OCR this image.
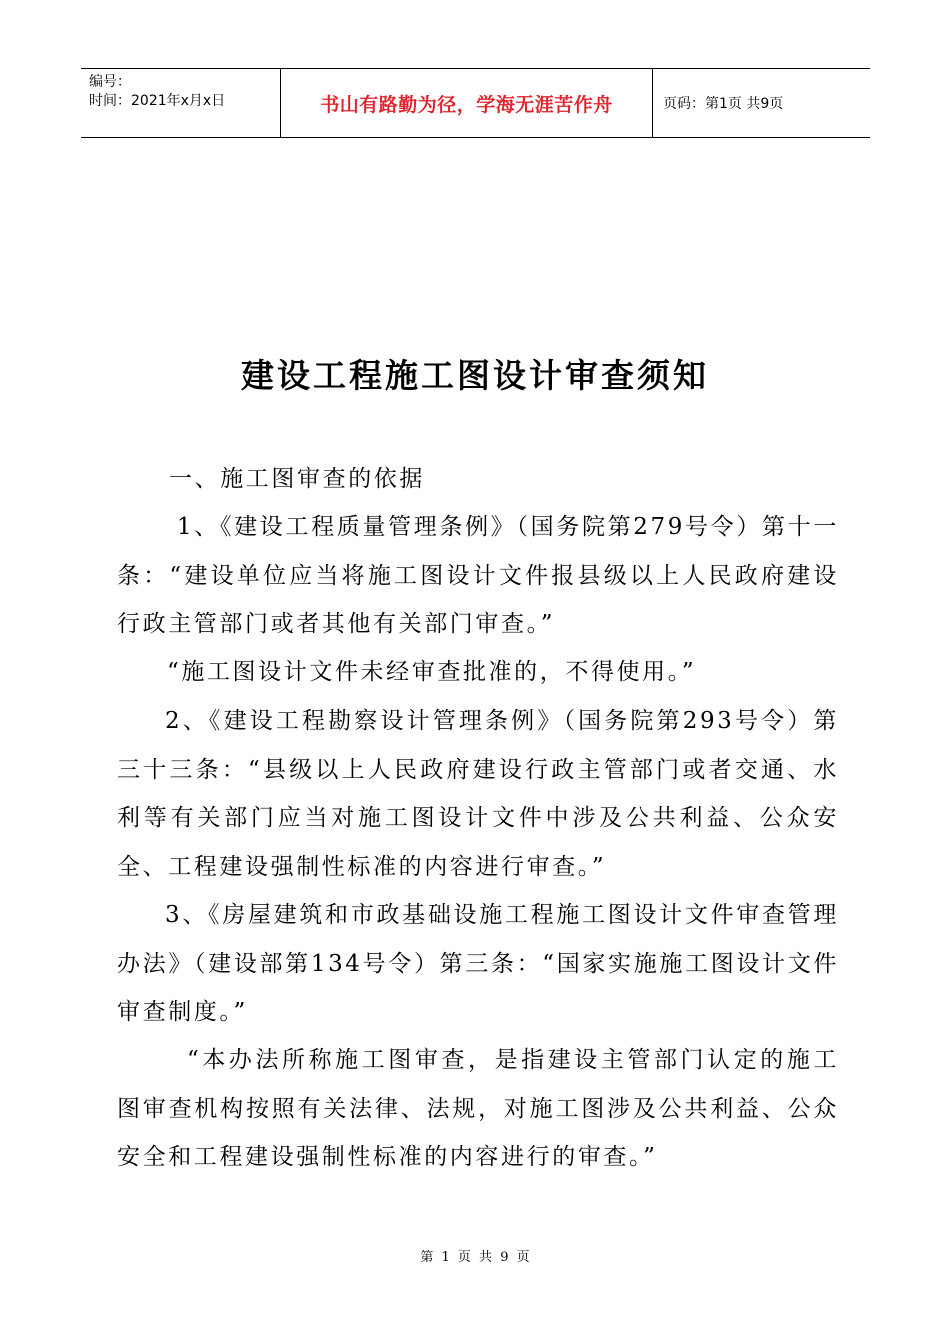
编号：
时间：2021年x月x日	书山有路勤为径，学海无涯苦作舟	页码：第1页 共9页
建设工程施工图设计审查须知

一、施工图审查的依据

1、《建设工程质量管理条例》（国务院第279号令）第十一条：“建设单位应当将施工图设计文件报县级以上人民政府建设行政主管部门或者其他有关部门审查。”

“施工图设计文件未经审查批准的，不得使用。”

2、《建设工程勘察设计管理条例》（国务院第293号令）第三十三条：“县级以上人民政府建设行政主管部门或者交通、水利等有关部门应当对施工图设计文件中涉及公共利益、公众安全、工程建设强制性标准的内容进行审查。”

3、《房屋建筑和市政基础设施工程施工图设计文件审查管理办法》（建设部第134号令）第三条：“国家实施施工图设计文件审查制度。”

“本办法所称施工图审查，是指建设主管部门认定的施工图审查机构按照有关法律、法规，对施工图涉及公共利益、公众安全和工程建设强制性标准的内容进行的审查。”

第 1 页 共 9 页
